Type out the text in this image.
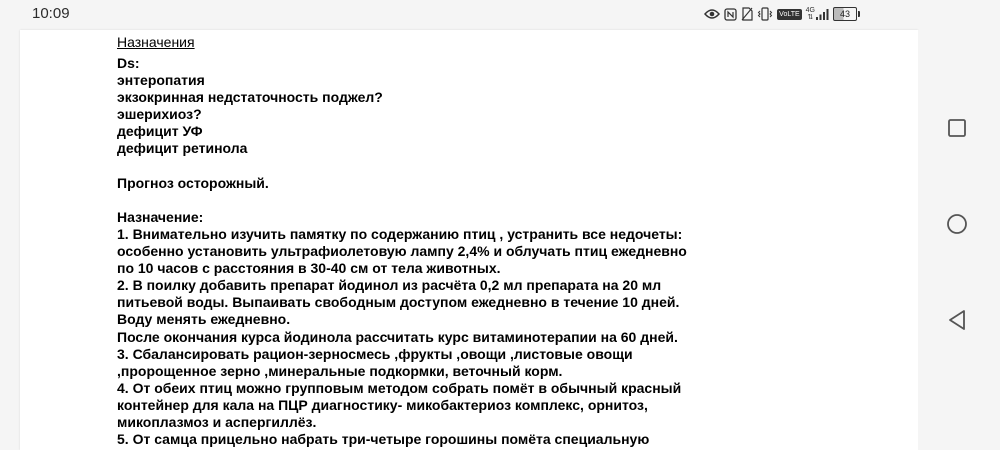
10:09	VoLTE 4G
⇅	43
Назначения
Ds:
энтеропатия
экзокринная недстаточность поджел?
эшерихиоз?
дефицит УФ
дефицит ретинола
Прогноз осторожный.
Назначение:
1. Внимательно изучить памятку по содержанию птиц , устранить все недочеты:
особенно установить ультрафиолетовую лампу 2,4% и облучать птиц ежедневно
по 10 часов с расстояния в 30-40 см от тела животных.
2. В поилку добавить препарат йодинол из расчёта 0,2 мл препарата на 20 мл
питьевой воды. Выпаивать свободным доступом ежедневно в течение 10 дней.
Воду менять ежедневно.
После окончания курса йодинола рассчитать курс витаминотерапии на 60 дней.
3. Сбалансировать рацион-зерносмесь ,фрукты ,овощи ,листовые овощи
,пророщенное зерно ,минеральные подкормки, веточный корм.
4. От обеих птиц можно групповым методом собрать помёт в обычный красный
контейнер для кала на ПЦР диагностику- микобактериоз комплекс, орнитоз,
микоплазмоз и аспергиллёз.
5. От самца прицельно набрать три-четыре горошины помёта специальную
